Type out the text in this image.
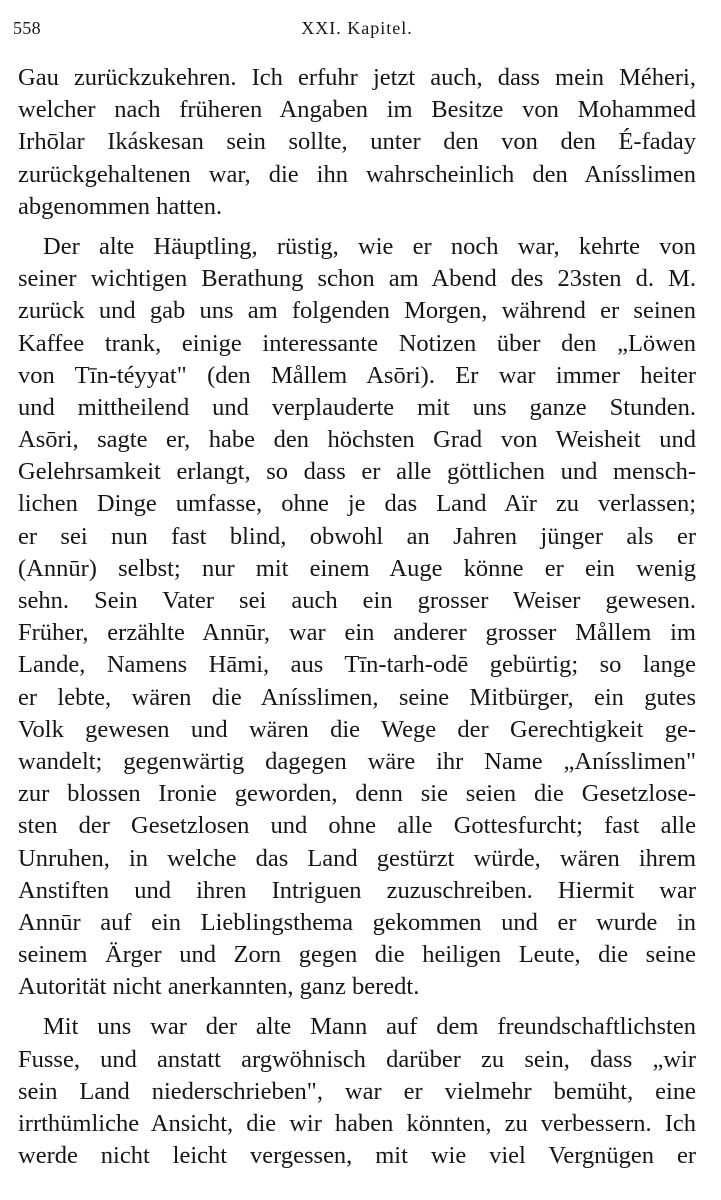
558	XXI. Kapitel.
Gau zurückzukehren. Ich erfuhr jetzt auch, dass mein Méheri,
welcher nach früheren Angaben im Besitze von Mohammed
Irhōlar Ikáskesan sein sollte, unter den von den É-faday
zurückgehaltenen war, die ihn wahrscheinlich den Anísslimen
abgenommen hatten.
Der alte Häuptling, rüstig, wie er noch war, kehrte von
seiner wichtigen Berathung schon am Abend des 23sten d. M.
zurück und gab uns am folgenden Morgen, während er seinen
Kaffee trank, einige interessante Notizen über den „Löwen
von Tīn-téyyat" (den Mållem Asōri). Er war immer heiter
und mittheilend und verplauderte mit uns ganze Stunden.
Asōri, sagte er, habe den höchsten Grad von Weisheit und
Gelehrsamkeit erlangt, so dass er alle göttlichen und mensch-
lichen Dinge umfasse, ohne je das Land Aïr zu verlassen;
er sei nun fast blind, obwohl an Jahren jünger als er
(Annūr) selbst; nur mit einem Auge könne er ein wenig
sehn. Sein Vater sei auch ein grosser Weiser gewesen.
Früher, erzählte Annūr, war ein anderer grosser Mållem im
Lande, Namens Hāmi, aus Tīn-tarh-odē gebürtig; so lange
er lebte, wären die Anísslimen, seine Mitbürger, ein gutes
Volk gewesen und wären die Wege der Gerechtigkeit ge-
wandelt; gegenwärtig dagegen wäre ihr Name „Anísslimen"
zur blossen Ironie geworden, denn sie seien die Gesetzlose-
sten der Gesetzlosen und ohne alle Gottesfurcht; fast alle
Unruhen, in welche das Land gestürzt würde, wären ihrem
Anstiften und ihren Intriguen zuzuschreiben. Hiermit war
Annūr auf ein Lieblingsthema gekommen und er wurde in
seinem Ärger und Zorn gegen die heiligen Leute, die seine
Autorität nicht anerkannten, ganz beredt.
Mit uns war der alte Mann auf dem freundschaftlichsten
Fusse, und anstatt argwöhnisch darüber zu sein, dass „wir
sein Land niederschrieben", war er vielmehr bemüht, eine
irrthümliche Ansicht, die wir haben könnten, zu verbessern. Ich
werde nicht leicht vergessen, mit wie viel Vergnügen er
